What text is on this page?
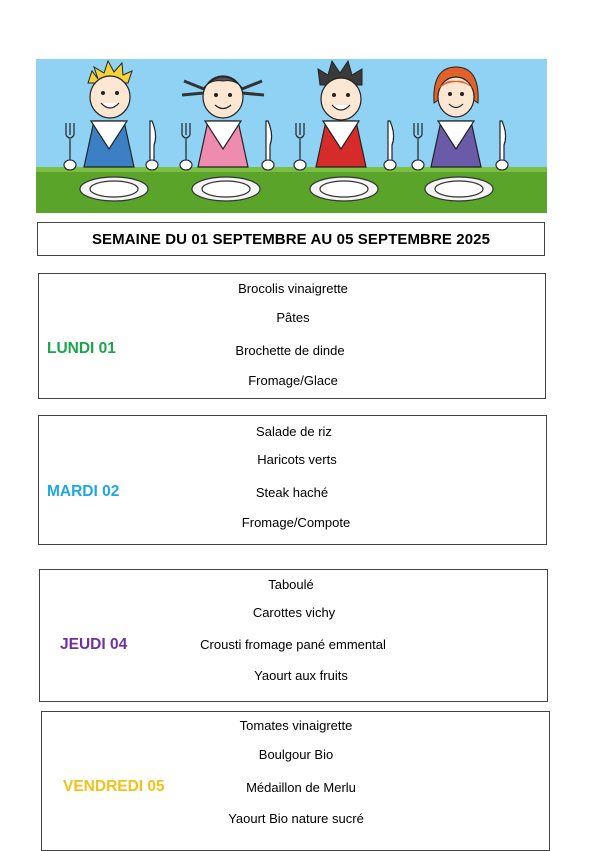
SEMAINE DU 01 SEPTEMBRE AU 05 SEPTEMBRE 2025
LUNDI 01
Brocolis vinaigrette
Pâtes
Brochette de dinde
Fromage/Glace
MARDI 02
Salade de riz
Haricots verts
Steak haché
Fromage/Compote
JEUDI 04
Taboulé
Carottes vichy
Crousti fromage pané emmental
Yaourt aux fruits
VENDREDI 05
Tomates vinaigrette
Boulgour Bio
Médaillon de Merlu
Yaourt Bio nature sucré
